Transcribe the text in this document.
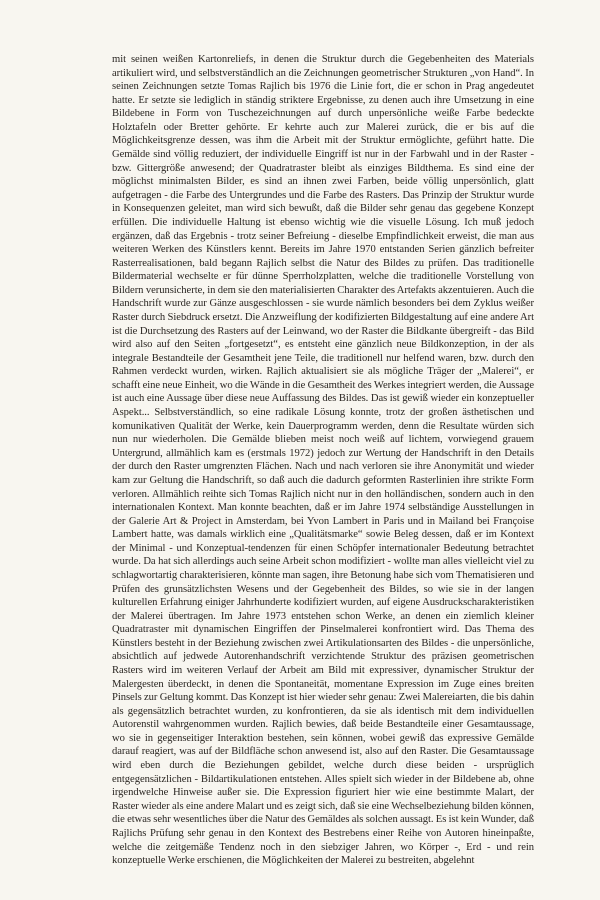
mit seinen weißen Kartonreliefs, in denen die Struktur durch die Gegebenheiten des Materials artikuliert wird, und selbstverständlich an die Zeichnungen geometrischer Strukturen „von Hand“. In seinen Zeichnungen setzte Tomas Rajlich bis 1976 die Linie fort, die er schon in Prag angedeutet hatte. Er setzte sie lediglich in ständig striktere Ergebnisse, zu denen auch ihre Umsetzung in eine Bildebene in Form von Tuschezeichnungen auf durch unpersönliche weiße Farbe bedeckte Holztafeln oder Bretter gehörte. Er kehrte auch zur Malerei zurück, die er bis auf die Möglichkeitsgrenze dessen, was ihm die Arbeit mit der Struktur ermöglichte, geführt hatte. Die Gemälde sind völlig reduziert, der individuelle Eingriff ist nur in der Farbwahl und in der Raster - bzw. Gittergröße anwesend; der Quadratraster bleibt als einziges Bildthema. Es sind eine der möglichst minimalsten Bilder, es sind an ihnen zwei Farben, beide völlig unpersönlich, glatt aufgetragen - die Farbe des Untergrundes und die Farbe des Rasters. Das Prinzip der Struktur wurde in Konsequenzen geleitet, man wird sich bewußt, daß die Bilder sehr genau das gegebene Konzept erfüllen. Die individuelle Haltung ist ebenso wichtig wie die visuelle Lösung. Ich muß jedoch ergänzen, daß das Ergebnis - trotz seiner Befreiung - dieselbe Empfindlichkeit erweist, die man aus weiteren Werken des Künstlers kennt. Bereits im Jahre 1970 entstanden Serien gänzlich befreiter Rasterrealisationen, bald begann Rajlich selbst die Natur des Bildes zu prüfen. Das traditionelle Bildermaterial wechselte er für dünne Sperrholzplatten, welche die traditionelle Vorstellung von Bildern verunsicherte, in dem sie den materialisierten Charakter des Artefakts akzentuieren. Auch die Handschrift wurde zur Gänze ausgeschlossen - sie wurde nämlich besonders bei dem Zyklus weißer Raster durch Siebdruck ersetzt. Die Anzweiflung der kodifizierten Bildgestaltung auf eine andere Art ist die Durchsetzung des Rasters auf der Leinwand, wo der Raster die Bildkante übergreift - das Bild wird also auf den Seiten „fortgesetzt“, es entsteht eine gänzlich neue Bildkonzeption, in der als integrale Bestandteile der Gesamtheit jene Teile, die traditionell nur helfend waren, bzw. durch den Rahmen verdeckt wurden, wirken. Rajlich aktualisiert sie als mögliche Träger der „Malerei“, er schafft eine neue Einheit, wo die Wände in die Gesamtheit des Werkes integriert werden, die Aussage ist auch eine Aussage über diese neue Auffassung des Bildes. Das ist gewiß wieder ein konzeptueller Aspekt... Selbstverständlich, so eine radikale Lösung konnte, trotz der großen ästhetischen und komunikativen Qualität der Werke, kein Dauerprogramm werden, denn die Resultate würden sich nun nur wiederholen. Die Gemälde blieben meist noch weiß auf lichtem, vorwiegend grauem Untergrund, allmählich kam es (erstmals 1972) jedoch zur Wertung der Handschrift in den Details der durch den Raster umgrenzten Flächen. Nach und nach verloren sie ihre Anonymität und wieder kam zur Geltung die Handschrift, so daß auch die dadurch geformten Rasterlinien ihre strikte Form verloren. Allmählich reihte sich Tomas Rajlich nicht nur in den holländischen, sondern auch in den internationalen Kontext. Man konnte beachten, daß er im Jahre 1974 selbständige Ausstellungen in der Galerie Art & Project in Amsterdam, bei Yvon Lambert in Paris und in Mailand bei Françoise Lambert hatte, was damals wirklich eine „Qualitätsmarke“ sowie Beleg dessen, daß er im Kontext der Minimal - und Konzeptual-tendenzen für einen Schöpfer internationaler Bedeutung betrachtet wurde. Da hat sich allerdings auch seine Arbeit schon modifiziert - wollte man alles vielleicht viel zu schlagwortartig charakterisieren, könnte man sagen, ihre Betonung habe sich vom Thematisieren und Prüfen des grunsätzlichsten Wesens und der Gegebenheit des Bildes, so wie sie in der langen kulturellen Erfahrung einiger Jahrhunderte kodifiziert wurden, auf eigene Ausdruckscharakteristiken der Malerei übertragen. Im Jahre 1973 entstehen schon Werke, an denen ein ziemlich kleiner Quadratraster mit dynamischen Eingriffen der Pinselmalerei konfrontiert wird. Das Thema des Künstlers besteht in der Beziehung zwischen zwei Artikulationsarten des Bildes - die unpersönliche, absichtlich auf jedwede Autorenhandschrift verzichtende Struktur des präzisen geometrischen Rasters wird im weiteren Verlauf der Arbeit am Bild mit expressiver, dynamischer Struktur der Malergesten überdeckt, in denen die Spontaneität, momentane Expression im Zuge eines breiten Pinsels zur Geltung kommt. Das Konzept ist hier wieder sehr genau: Zwei Malereiarten, die bis dahin als gegensätzlich betrachtet wurden, zu konfrontieren, da sie als identisch mit dem individuellen Autorenstil wahrgenommen wurden. Rajlich bewies, daß beide Bestandteile einer Gesamtaussage, wo sie in gegenseitiger Interaktion bestehen, sein können, wobei gewiß das expressive Gemälde darauf reagiert, was auf der Bildfläche schon anwesend ist, also auf den Raster. Die Gesamtaussage wird eben durch die Beziehungen gebildet, welche durch diese beiden - ursprüglich entgegensätzlichen - Bildartikulationen entstehen. Alles spielt sich wieder in der Bildebene ab, ohne irgendwelche Hinweise außer sie. Die Expression figuriert hier wie eine bestimmte Malart, der Raster wieder als eine andere Malart und es zeigt sich, daß sie eine Wechselbeziehung bilden können, die etwas sehr wesentliches über die Natur des Gemäldes als solchen aussagt. Es ist kein Wunder, daß Rajlichs Prüfung sehr genau in den Kontext des Bestrebens einer Reihe von Autoren hineinpaßte, welche die zeitgemäße Tendenz noch in den siebziger Jahren, wo Körper -, Erd - und rein konzeptuelle Werke erschienen, die Möglichkeiten der Malerei zu bestreiten, abgelehnt
